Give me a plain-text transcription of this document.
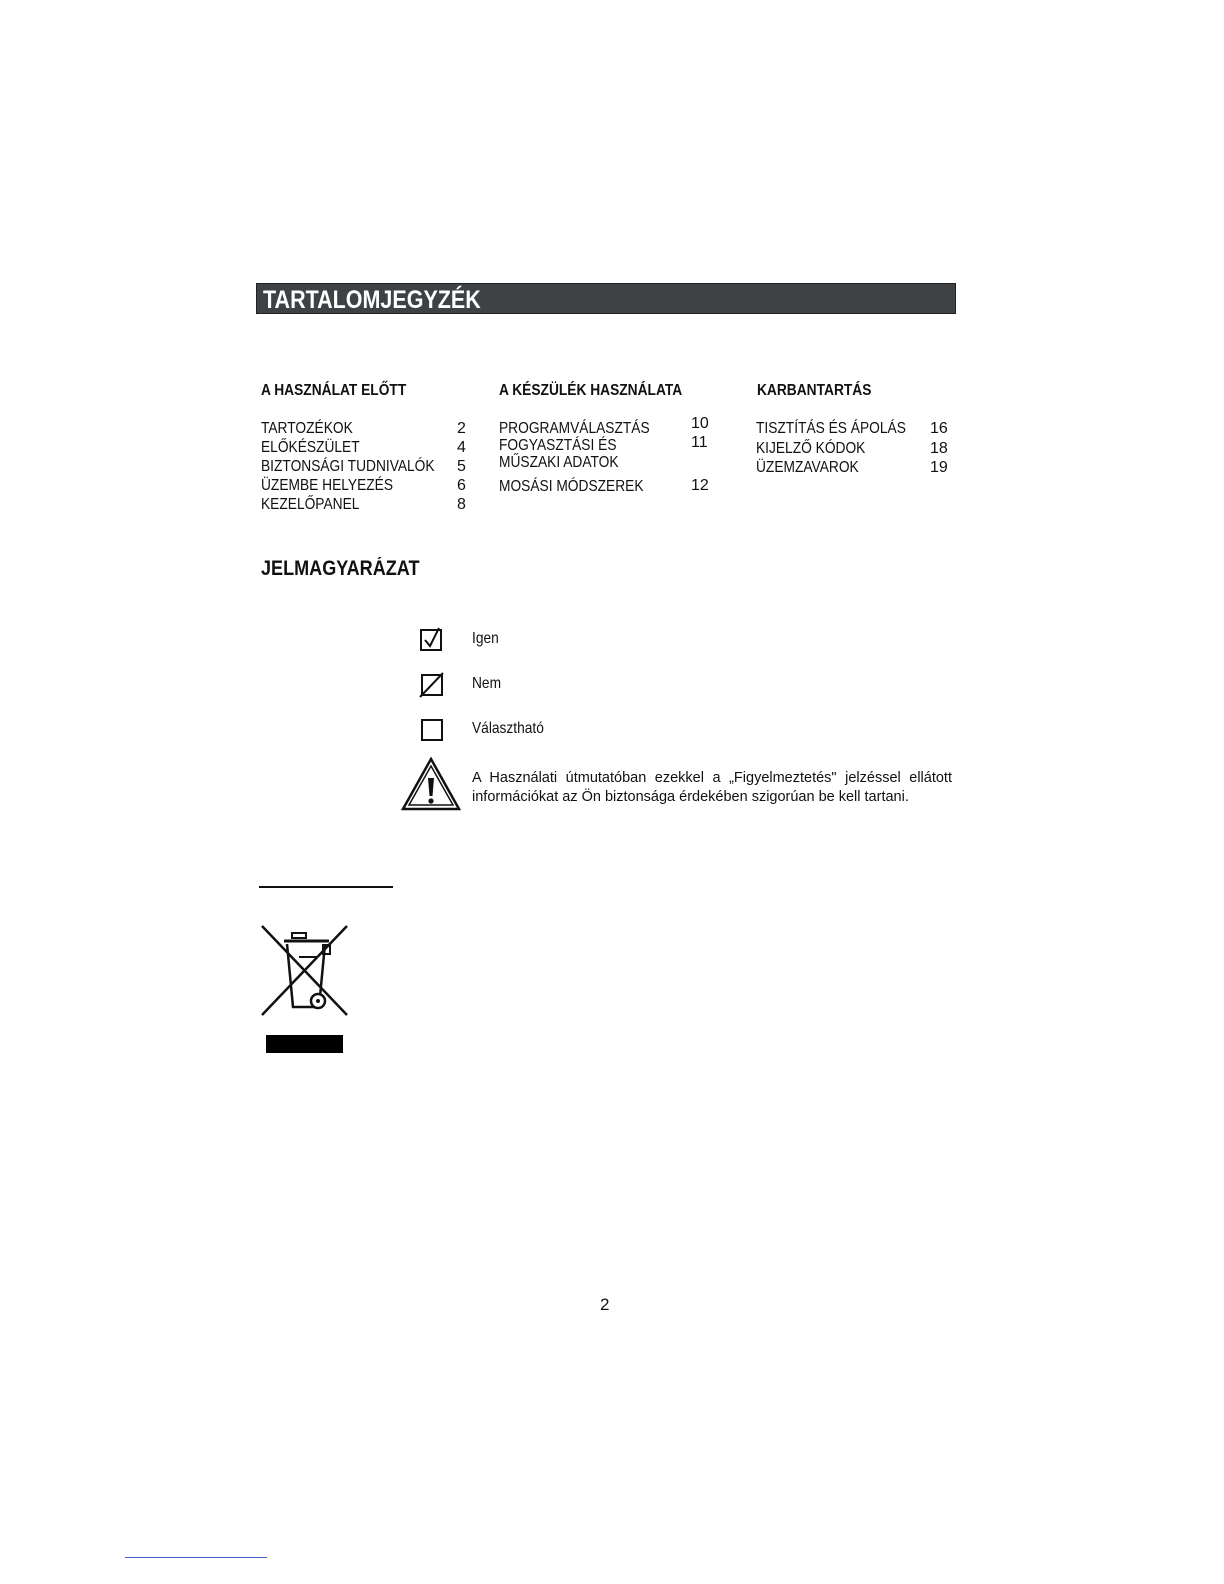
TARTALOMJEGYZÉK
A HASZNÁLAT ELŐTT
TARTOZÉKOK	2
ELŐKÉSZÜLET	4
BIZTONSÁGI TUDNIVALÓK	5
ÜZEMBE HELYEZÉS	6
KEZELŐPANEL	8
A KÉSZÜLÉK HASZNÁLATA
PROGRAMVÁLASZTÁS	10
FOGYASZTÁSI ÉS
MŰSZAKI ADATOK
11
MOSÁSI MÓDSZEREK	12
KARBANTARTÁS
TISZTÍTÁS ÉS ÁPOLÁS	16
KIJELZŐ KÓDOK	18
ÜZEMZAVAROK	19
JELMAGYARÁZAT
Igen
Nem
Választható
A Használati útmutatóban ezekkel a „Figyelmeztetés" jelzéssel ellátott információkat az Ön biztonsága érdekében szigorúan be kell tartani.
2
